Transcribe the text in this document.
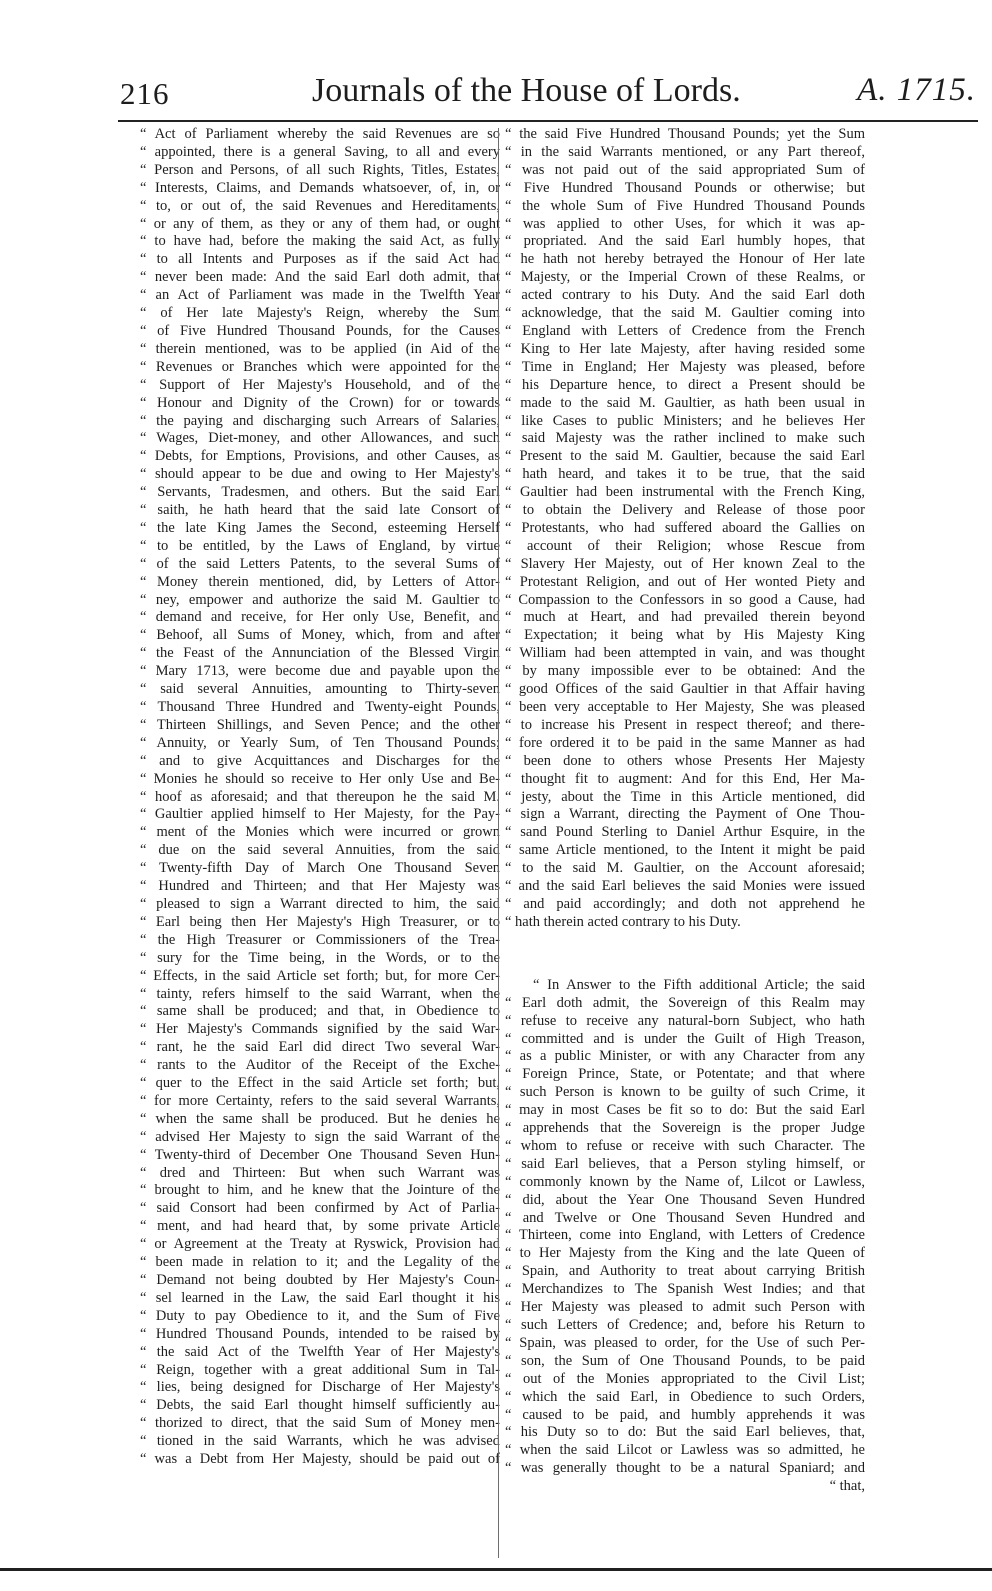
216	Journals of the House of Lords.	A. 1715.
“ Act of Parliament whereby the said Revenues are so
“ appointed, there is a general Saving, to all and every
“ Person and Persons, of all such Rights, Titles, Estates,
“ Interests, Claims, and Demands whatsoever, of, in, or
“ to, or out of, the said Revenues and Hereditaments,
“ or any of them, as they or any of them had, or ought
“ to have had, before the making the said Act, as fully
“ to all Intents and Purposes as if the said Act had
“ never been made: And the said Earl doth admit, that
“ an Act of Parliament was made in the Twelfth Year
“ of Her late Majesty's Reign, whereby the Sum
“ of Five Hundred Thousand Pounds, for the Causes
“ therein mentioned, was to be applied (in Aid of the
“ Revenues or Branches which were appointed for the
“ Support of Her Majesty's Household, and of the
“ Honour and Dignity of the Crown) for or towards
“ the paying and discharging such Arrears of Salaries,
“ Wages, Diet-money, and other Allowances, and such
“ Debts, for Emptions, Provisions, and other Causes, as
“ should appear to be due and owing to Her Majesty's
“ Servants, Tradesmen, and others. But the said Earl
“ saith, he hath heard that the said late Consort of
“ the late King James the Second, esteeming Herself
“ to be entitled, by the Laws of England, by virtue
“ of the said Letters Patents, to the several Sums of
“ Money therein mentioned, did, by Letters of Attor-
“ ney, empower and authorize the said M. Gaultier to
“ demand and receive, for Her only Use, Benefit, and
“ Behoof, all Sums of Money, which, from and after
“ the Feast of the Annunciation of the Blessed Virgin
“ Mary 1713, were become due and payable upon the
“ said several Annuities, amounting to Thirty-seven
“ Thousand Three Hundred and Twenty-eight Pounds,
“ Thirteen Shillings, and Seven Pence; and the other
“ Annuity, or Yearly Sum, of Ten Thousand Pounds;
“ and to give Acquittances and Discharges for the
“ Monies he should so receive to Her only Use and Be-
“ hoof as aforesaid; and that thereupon he the said M.
“ Gaultier applied himself to Her Majesty, for the Pay-
“ ment of the Monies which were incurred or grown
“ due on the said several Annuities, from the said
“ Twenty-fifth Day of March One Thousand Seven
“ Hundred and Thirteen; and that Her Majesty was
“ pleased to sign a Warrant directed to him, the said
“ Earl being then Her Majesty's High Treasurer, or to
“ the High Treasurer or Commissioners of the Trea-
“ sury for the Time being, in the Words, or to the
“ Effects, in the said Article set forth; but, for more Cer-
“ tainty, refers himself to the said Warrant, when the
“ same shall be produced; and that, in Obedience to
“ Her Majesty's Commands signified by the said War-
“ rant, he the said Earl did direct Two several War-
“ rants to the Auditor of the Receipt of the Exche-
“ quer to the Effect in the said Article set forth; but,
“ for more Certainty, refers to the said several Warrants,
“ when the same shall be produced. But he denies he
“ advised Her Majesty to sign the said Warrant of the
“ Twenty-third of December One Thousand Seven Hun-
“ dred and Thirteen: But when such Warrant was
“ brought to him, and he knew that the Jointure of the
“ said Consort had been confirmed by Act of Parlia-
“ ment, and had heard that, by some private Article
“ or Agreement at the Treaty at Ryswick, Provision had
“ been made in relation to it; and the Legality of the
“ Demand not being doubted by Her Majesty's Coun-
“ sel learned in the Law, the said Earl thought it his
“ Duty to pay Obedience to it, and the Sum of Five
“ Hundred Thousand Pounds, intended to be raised by
“ the said Act of the Twelfth Year of Her Majesty's
“ Reign, together with a great additional Sum in Tal-
“ lies, being designed for Discharge of Her Majesty's
“ Debts, the said Earl thought himself sufficiently au-
“ thorized to direct, that the said Sum of Money men-
“ tioned in the said Warrants, which he was advised
“ was a Debt from Her Majesty, should be paid out of
“ the said Five Hundred Thousand Pounds; yet the Sum
“ in the said Warrants mentioned, or any Part thereof,
“ was not paid out of the said appropriated Sum of
“ Five Hundred Thousand Pounds or otherwise; but
“ the whole Sum of Five Hundred Thousand Pounds
“ was applied to other Uses, for which it was ap-
“ propriated. And the said Earl humbly hopes, that
“ he hath not hereby betrayed the Honour of Her late
“ Majesty, or the Imperial Crown of these Realms, or
“ acted contrary to his Duty. And the said Earl doth
“ acknowledge, that the said M. Gaultier coming into
“ England with Letters of Credence from the French
“ King to Her late Majesty, after having resided some
“ Time in England; Her Majesty was pleased, before
“ his Departure hence, to direct a Present should be
“ made to the said M. Gaultier, as hath been usual in
“ like Cases to public Ministers; and he believes Her
“ said Majesty was the rather inclined to make such
“ Present to the said M. Gaultier, because the said Earl
“ hath heard, and takes it to be true, that the said
“ Gaultier had been instrumental with the French King,
“ to obtain the Delivery and Release of those poor
“ Protestants, who had suffered aboard the Gallies on
“ account of their Religion; whose Rescue from
“ Slavery Her Majesty, out of Her known Zeal to the
“ Protestant Religion, and out of Her wonted Piety and
“ Compassion to the Confessors in so good a Cause, had
“ much at Heart, and had prevailed therein beyond
“ Expectation; it being what by His Majesty King
“ William had been attempted in vain, and was thought
“ by many impossible ever to be obtained: And the
“ good Offices of the said Gaultier in that Affair having
“ been very acceptable to Her Majesty, She was pleased
“ to increase his Present in respect thereof; and there-
“ fore ordered it to be paid in the same Manner as had
“ been done to others whose Presents Her Majesty
“ thought fit to augment: And for this End, Her Ma-
“ jesty, about the Time in this Article mentioned, did
“ sign a Warrant, directing the Payment of One Thou-
“ sand Pound Sterling to Daniel Arthur Esquire, in the
“ same Article mentioned, to the Intent it might be paid
“ to the said M. Gaultier, on the Account aforesaid;
“ and the said Earl believes the said Monies were issued
“ and paid accordingly; and doth not apprehend he
“ hath therein acted contrary to his Duty.
“ In Answer to the Fifth additional Article; the said
“ Earl doth admit, the Sovereign of this Realm may
“ refuse to receive any natural-born Subject, who hath
“ committed and is under the Guilt of High Treason,
“ as a public Minister, or with any Character from any
“ Foreign Prince, State, or Potentate; and that where
“ such Person is known to be guilty of such Crime, it
“ may in most Cases be fit so to do: But the said Earl
“ apprehends that the Sovereign is the proper Judge
“ whom to refuse or receive with such Character. The
“ said Earl believes, that a Person styling himself, or
“ commonly known by the Name of, Lilcot or Lawless,
“ did, about the Year One Thousand Seven Hundred
“ and Twelve or One Thousand Seven Hundred and
“ Thirteen, come into England, with Letters of Credence
“ to Her Majesty from the King and the late Queen of
“ Spain, and Authority to treat about carrying British
“ Merchandizes to The Spanish West Indies; and that
“ Her Majesty was pleased to admit such Person with
“ such Letters of Credence; and, before his Return to
“ Spain, was pleased to order, for the Use of such Per-
“ son, the Sum of One Thousand Pounds, to be paid
“ out of the Monies appropriated to the Civil List;
“ which the said Earl, in Obedience to such Orders,
“ caused to be paid, and humbly apprehends it was
“ his Duty so to do: But the said Earl believes, that,
“ when the said Lilcot or Lawless was so admitted, he
“ was generally thought to be a natural Spaniard; and
“ that,
